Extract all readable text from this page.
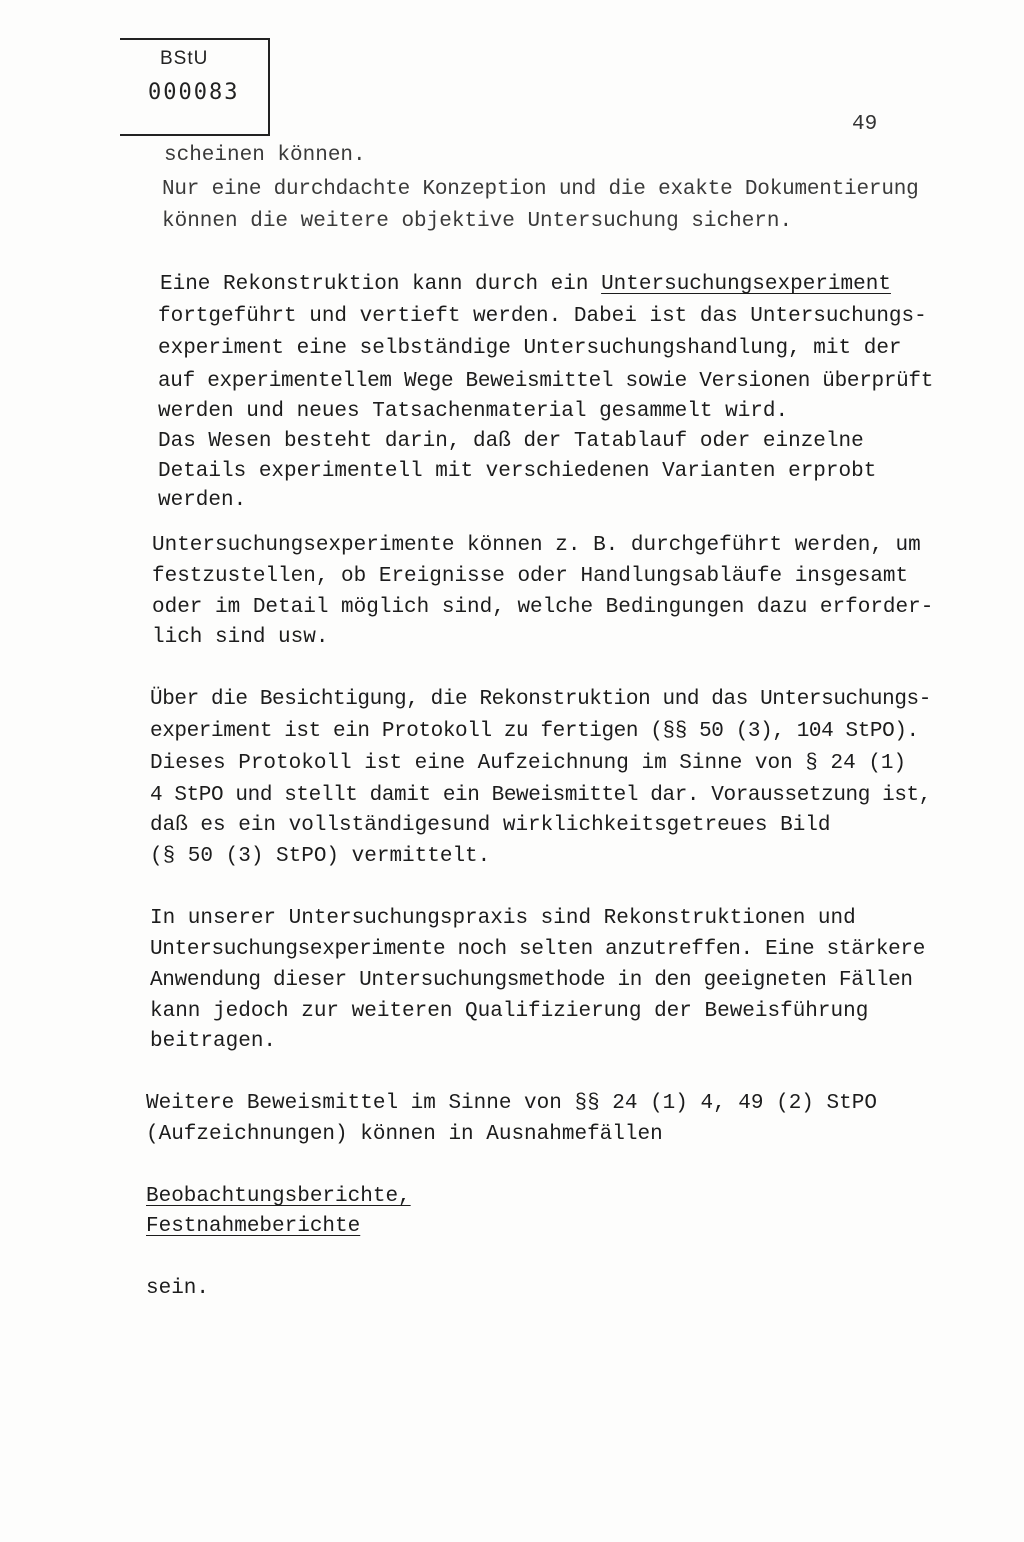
BStU
000083
49
scheinen können.
Nur eine durchdachte Konzeption und die exakte Dokumentierung
können die weitere objektive Untersuchung sichern.
Eine Rekonstruktion kann durch ein Untersuchungsexperiment
fortgeführt und vertieft werden. Dabei ist das Untersuchungs-
experiment eine selbständige Untersuchungshandlung, mit der
auf experimentellem Wege Beweismittel sowie Versionen überprüft
werden und neues Tatsachenmaterial gesammelt wird.
Das Wesen besteht darin, daß der Tatablauf oder einzelne
Details experimentell mit verschiedenen Varianten erprobt
werden.
Untersuchungsexperimente können z. B. durchgeführt werden, um
festzustellen, ob Ereignisse oder Handlungsabläufe insgesamt
oder im Detail möglich sind, welche Bedingungen dazu erforder-
lich sind usw.
Über die Besichtigung, die Rekonstruktion und das Untersuchungs-
experiment ist ein Protokoll zu fertigen (§§ 50 (3), 104 StPO).
Dieses Protokoll ist eine Aufzeichnung im Sinne von § 24 (1)
4 StPO und stellt damit ein Beweismittel dar. Voraussetzung ist,
daß es ein vollständigesund wirklichkeitsgetreues Bild
(§ 50 (3) StPO) vermittelt.
In unserer Untersuchungspraxis sind Rekonstruktionen und
Untersuchungsexperimente noch selten anzutreffen. Eine stärkere
Anwendung dieser Untersuchungsmethode in den geeigneten Fällen
kann jedoch zur weiteren Qualifizierung der Beweisführung
beitragen.
Weitere Beweismittel im Sinne von §§ 24 (1) 4, 49 (2) StPO
(Aufzeichnungen) können in Ausnahmefällen
Beobachtungsberichte,
Festnahmeberichte
sein.
